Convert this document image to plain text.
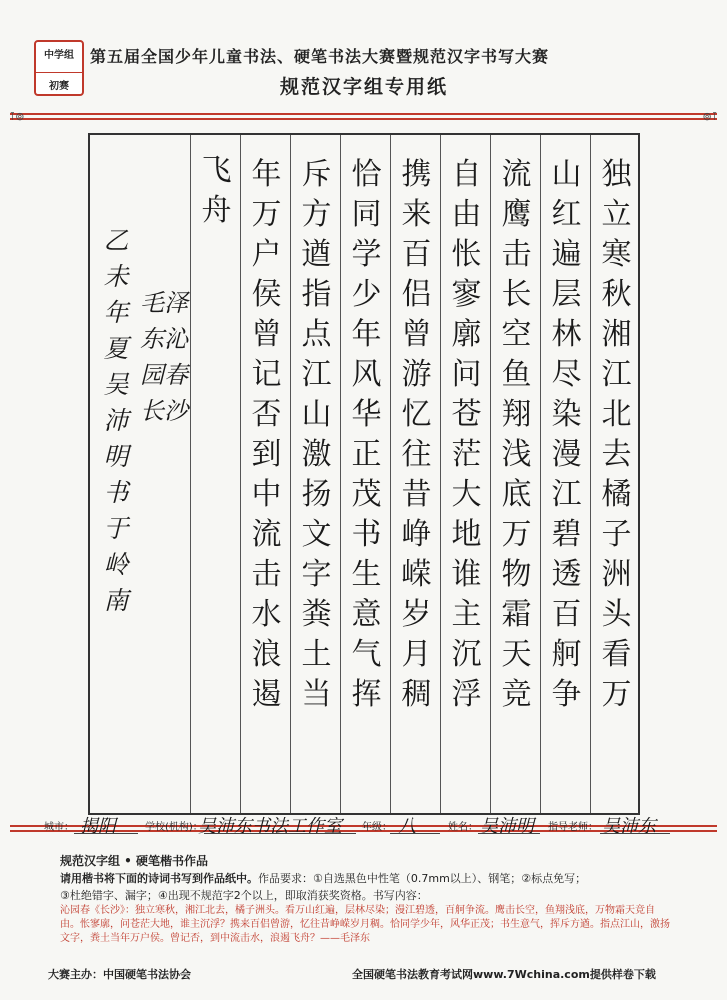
中学组
初赛
第五届全国少年儿童书法、硬笔书法大赛暨规范汉字书写大赛
规范汉字组专用纸
⊺⊚	⊚⊺
独立寒秋湘江北去橘子洲头看万
山红遍层林尽染漫江碧透百舸争
流鹰击长空鱼翔浅底万物霜天竞
自由怅寥廓问苍茫大地谁主沉浮
携来百侣曾游忆往昔峥嵘岁月稠
恰同学少年风华正茂书生意气挥
斥方遒指点江山激扬文字粪土当
年万户侯曾记否到中流击水浪遏
飞舟
毛泽东沁园春长沙
乙未年夏吴沛明书于岭南
城市： 揭阳	学校(机构)：
吴沛东书法工作室 年级： 八	姓名： 吴沛明 指导老师： 吴沛东
规范汉字组 • 硬笔楷书作品
请用楷书将下面的诗词书写到作品纸中。作品要求：①自选黑色中性笔（0.7mm以上）、钢笔；②标点免写；
③杜绝错字、漏字；④出现不规范字2个以上，即取消获奖资格。书写内容：
沁园春《长沙》：独立寒秋，湘江北去，橘子洲头。看万山红遍，层林尽染；漫江碧透，百舸争流。鹰击长空，鱼翔浅底，万物霜天竞自由。怅寥廓，问苍茫大地，谁主沉浮？携来百侣曾游，忆往昔峥嵘岁月稠。恰同学少年，风华正茂；书生意气，挥斥方遒。指点江山，激扬文字，粪土当年万户侯。曾记否，到中流击水，浪遏飞舟？——毛泽东
大赛主办：中国硬笔书法协会	全国硬笔书法教育考试网www.7Wchina.com提供样卷下载
